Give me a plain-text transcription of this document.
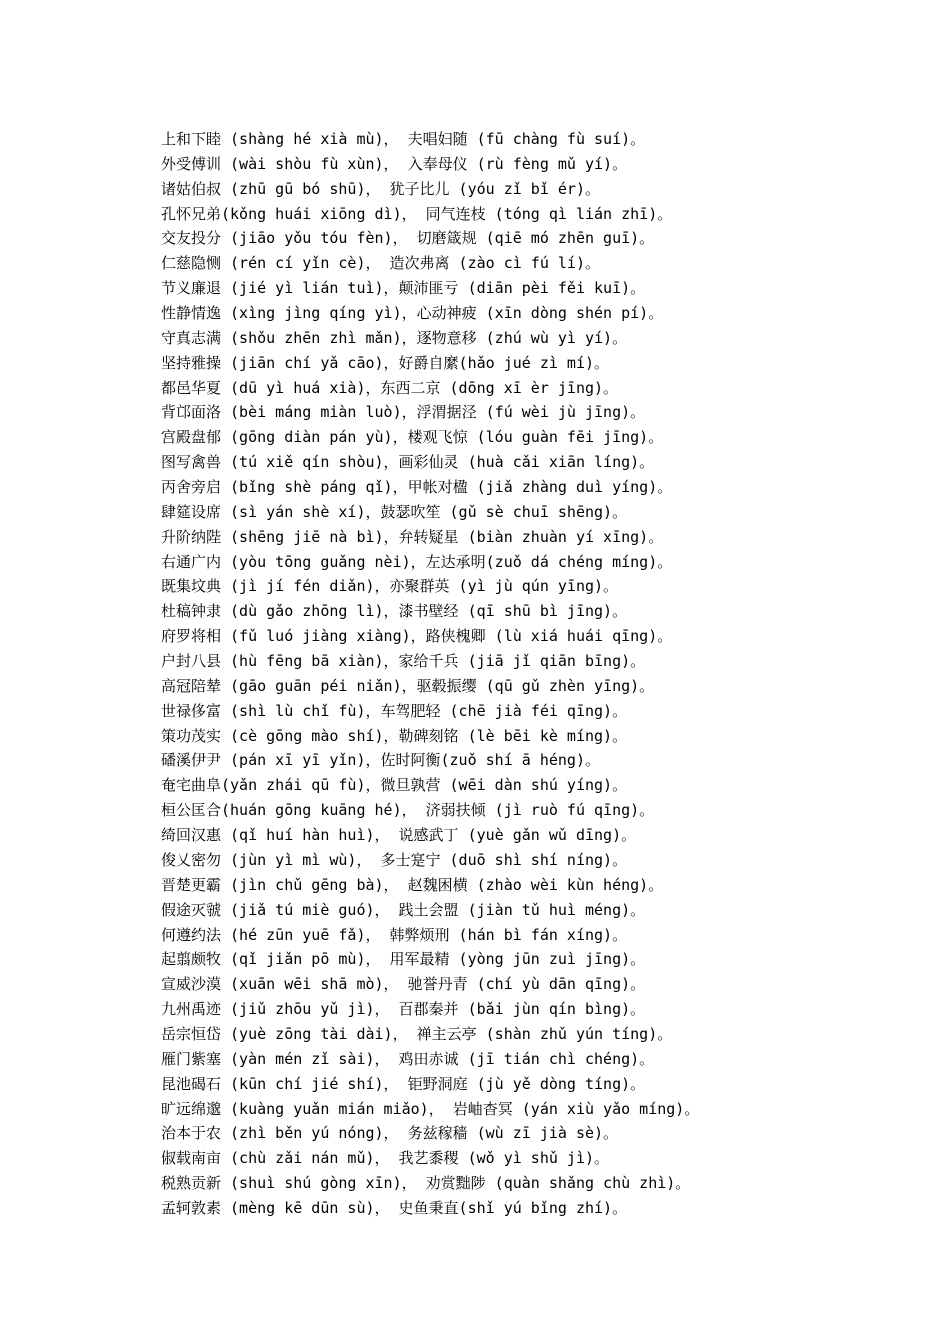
上和下睦 (shàng hé xià mù)， 夫唱妇随 (fū chàng fù suí)。
外受傅训 (wài shòu fù xùn)， 入奉母仪 (rù fèng mǔ yí)。
诸姑伯叔 (zhū gū bó shū)， 犹子比儿 (yóu zǐ bǐ ér)。
孔怀兄弟(kǒng huái xiōng dì)， 同气连枝 (tóng qì lián zhī)。
交友投分 (jiāo yǒu tóu fèn)， 切磨箴规 (qiē mó zhēn guī)。
仁慈隐恻 (rén cí yǐn cè)， 造次弗离 (zào cì fú lí)。
节义廉退 (jié yì lián tuì)，颠沛匪亏 (diān pèi fěi kuī)。
性静情逸 (xìng jìng qíng yì)，心动神疲 (xīn dòng shén pí)。
守真志满 (shǒu zhēn zhì mǎn)，逐物意移 (zhú wù yì yí)。
坚持雅操 (jiān chí yǎ cāo)，好爵自縻(hǎo jué zì mí)。
都邑华夏 (dū yì huá xià)，东西二京 (dōng xī èr jīng)。
背邙面洛 (bèi máng miàn luò)，浮渭据泾 (fú wèi jù jīng)。
宫殿盘郁 (gōng diàn pán yù)，楼观飞惊 (lóu guàn fēi jīng)。
图写禽兽 (tú xiě qín shòu)，画彩仙灵 (huà cǎi xiān líng)。
丙舍旁启 (bǐng shè páng qǐ)，甲帐对楹 (jiǎ zhàng duì yíng)。
肆筵设席 (sì yán shè xí)，鼓瑟吹笙 (gǔ sè chuī shēng)。
升阶纳陛 (shēng jiē nà bì)，弁转疑星 (biàn zhuàn yí xīng)。
右通广内 (yòu tōng guǎng nèi)，左达承明(zuǒ dá chéng míng)。
既集坟典 (jì jí fén diǎn)，亦聚群英 (yì jù qún yīng)。
杜稿钟隶 (dù gǎo zhōng lì)，漆书壁经 (qī shū bì jīng)。
府罗将相 (fǔ luó jiàng xiàng)，路侠槐卿 (lù xiá huái qīng)。
户封八县 (hù fēng bā xiàn)，家给千兵 (jiā jǐ qiān bīng)。
高冠陪辇 (gāo guān péi niǎn)，驱毂振缨 (qū gǔ zhèn yīng)。
世禄侈富 (shì lù chǐ fù)，车驾肥轻 (chē jià féi qīng)。
策功茂实 (cè gōng mào shí)，勒碑刻铭 (lè bēi kè míng)。
磻溪伊尹 (pán xī yī yǐn)，佐时阿衡(zuǒ shí ā héng)。
奄宅曲阜(yǎn zhái qū fù)，微旦孰营 (wēi dàn shú yíng)。
桓公匡合(huán gōng kuāng hé)， 济弱扶倾 (jì ruò fú qīng)。
绮回汉惠 (qǐ huí hàn huì)， 说感武丁 (yuè gǎn wǔ dīng)。
俊乂密勿 (jùn yì mì wù)， 多士寔宁 (duō shì shí níng)。
晋楚更霸 (jìn chǔ gēng bà)， 赵魏困横 (zhào wèi kùn héng)。
假途灭虢 (jiǎ tú miè guó)， 践土会盟 (jiàn tǔ huì méng)。
何遵约法 (hé zūn yuē fǎ)， 韩弊烦刑 (hán bì fán xíng)。
起翦颇牧 (qǐ jiǎn pō mù)， 用军最精 (yòng jūn zuì jīng)。
宣威沙漠 (xuān wēi shā mò)， 驰誉丹青 (chí yù dān qīng)。
九州禹迹 (jiǔ zhōu yǔ jì)， 百郡秦并 (bǎi jùn qín bìng)。
岳宗恒岱 (yuè zōng tài dài)， 禅主云亭 (shàn zhǔ yún tíng)。
雁门紫塞 (yàn mén zǐ sài)， 鸡田赤诚 (jī tián chì chéng)。
昆池碣石 (kūn chí jié shí)， 钜野洞庭 (jù yě dòng tíng)。
旷远绵邈 (kuàng yuǎn mián miǎo)， 岩岫杳冥 (yán xiù yǎo míng)。
治本于农 (zhì běn yú nóng)， 务兹稼穑 (wù zī jià sè)。
俶载南亩 (chù zǎi nán mǔ)， 我艺黍稷 (wǒ yì shǔ jì)。
税熟贡新 (shuì shú gòng xīn)， 劝赏黜陟 (quàn shǎng chù zhì)。
孟轲敦素 (mèng kē dūn sù)， 史鱼秉直(shǐ yú bǐng zhí)。
